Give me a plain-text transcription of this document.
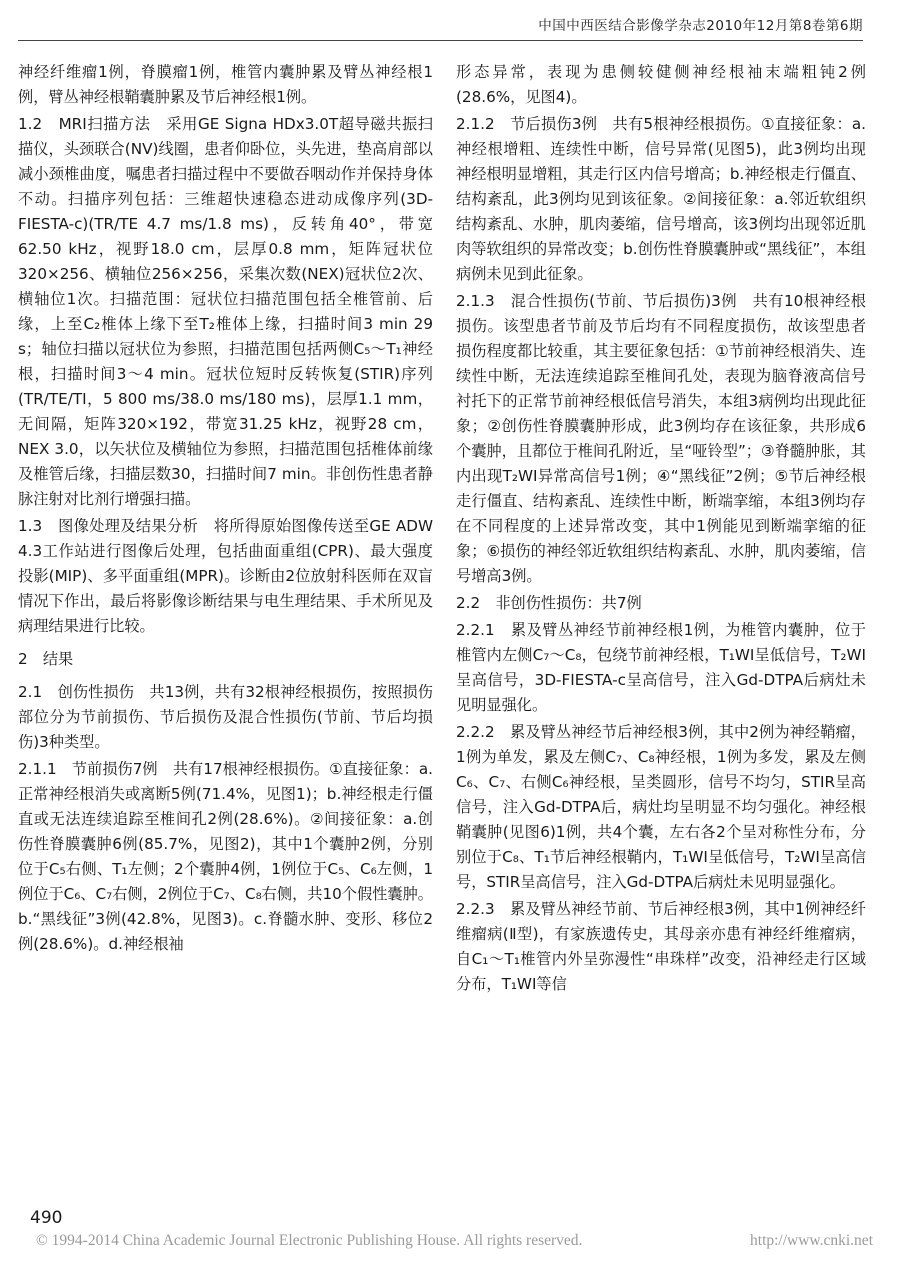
中国中西医结合影像学杂志2010年12月第8卷第6期

神经纤维瘤1例，脊膜瘤1例，椎管内囊肿累及臂丛神经根1例，臂丛神经根鞘囊肿累及节后神经根1例。

1.2　MRI扫描方法　采用GE Signa HDx3.0T超导磁共振扫描仪，头颈联合(NV)线圈，患者仰卧位，头先进，垫高肩部以减小颈椎曲度，嘱患者扫描过程中不要做吞咽动作并保持身体不动。扫描序列包括：三维超快速稳态进动成像序列(3D-FIESTA-c)(TR/TE 4.7 ms/1.8 ms)，反转角40°，带宽62.50 kHz，视野18.0 cm，层厚0.8 mm，矩阵冠状位320×256、横轴位256×256，采集次数(NEX)冠状位2次、横轴位1次。扫描范围：冠状位扫描范围包括全椎管前、后缘，上至C₂椎体上缘下至T₂椎体上缘，扫描时间3 min 29 s；轴位扫描以冠状位为参照，扫描范围包括两侧C₅～T₁神经根，扫描时间3～4 min。冠状位短时反转恢复(STIR)序列(TR/TE/TI，5 800 ms/38.0 ms/180 ms)，层厚1.1 mm，无间隔，矩阵320×192，带宽31.25 kHz，视野28 cm，NEX 3.0，以矢状位及横轴位为参照，扫描范围包括椎体前缘及椎管后缘，扫描层数30，扫描时间7 min。非创伤性患者静脉注射对比剂行增强扫描。

1.3　图像处理及结果分析　将所得原始图像传送至GE ADW 4.3工作站进行图像后处理，包括曲面重组(CPR)、最大强度投影(MIP)、多平面重组(MPR)。诊断由2位放射科医师在双盲情况下作出，最后将影像诊断结果与电生理结果、手术所见及病理结果进行比较。

2　结果

2.1　创伤性损伤　共13例，共有32根神经根损伤，按照损伤部位分为节前损伤、节后损伤及混合性损伤(节前、节后均损伤)3种类型。

2.1.1　节前损伤7例　共有17根神经根损伤。①直接征象：a.正常神经根消失或离断5例(71.4%，见图1)；b.神经根走行僵直或无法连续追踪至椎间孔2例(28.6%)。②间接征象：a.创伤性脊膜囊肿6例(85.7%，见图2)，其中1个囊肿2例，分别位于C₅右侧、T₁左侧；2个囊肿4例，1例位于C₅、C₆左侧，1例位于C₆、C₇右侧，2例位于C₇、C₈右侧，共10个假性囊肿。b.“黑线征”3例(42.8%，见图3)。c.脊髓水肿、变形、移位2例(28.6%)。d.神经根袖

形态异常，表现为患侧较健侧神经根袖末端粗钝2例(28.6%，见图4)。

2.1.2　节后损伤3例　共有5根神经根损伤。①直接征象：a.神经根增粗、连续性中断，信号异常(见图5)，此3例均出现神经根明显增粗，其走行区内信号增高；b.神经根走行僵直、结构紊乱，此3例均见到该征象。②间接征象：a.邻近软组织结构紊乱、水肿，肌肉萎缩，信号增高，该3例均出现邻近肌肉等软组织的异常改变；b.创伤性脊膜囊肿或“黑线征”，本组病例未见到此征象。

2.1.3　混合性损伤(节前、节后损伤)3例　共有10根神经根损伤。该型患者节前及节后均有不同程度损伤，故该型患者损伤程度都比较重，其主要征象包括：①节前神经根消失、连续性中断，无法连续追踪至椎间孔处，表现为脑脊液高信号衬托下的正常节前神经根低信号消失，本组3病例均出现此征象；②创伤性脊膜囊肿形成，此3例均存在该征象，共形成6个囊肿，且都位于椎间孔附近，呈“哑铃型”；③脊髓肿胀，其内出现T₂WI异常高信号1例；④“黑线征”2例；⑤节后神经根走行僵直、结构紊乱、连续性中断，断端挛缩，本组3例均存在不同程度的上述异常改变，其中1例能见到断端挛缩的征象；⑥损伤的神经邻近软组织结构紊乱、水肿，肌肉萎缩，信号增高3例。

2.2　非创伤性损伤：共7例

2.2.1　累及臂丛神经节前神经根1例，为椎管内囊肿，位于椎管内左侧C₇～C₈，包绕节前神经根，T₁WI呈低信号，T₂WI呈高信号，3D-FIESTA-c呈高信号，注入Gd-DTPA后病灶未见明显强化。

2.2.2　累及臂丛神经节后神经根3例，其中2例为神经鞘瘤，1例为单发，累及左侧C₇、C₈神经根，1例为多发，累及左侧C₆、C₇、右侧C₆神经根，呈类圆形，信号不均匀，STIR呈高信号，注入Gd-DTPA后，病灶均呈明显不均匀强化。神经根鞘囊肿(见图6)1例，共4个囊，左右各2个呈对称性分布，分别位于C₈、T₁节后神经根鞘内，T₁WI呈低信号，T₂WI呈高信号，STIR呈高信号，注入Gd-DTPA后病灶未见明显强化。

2.2.3　累及臂丛神经节前、节后神经根3例，其中1例神经纤维瘤病(Ⅱ型)，有家族遗传史，其母亲亦患有神经纤维瘤病，自C₁～T₁椎管内外呈弥漫性“串珠样”改变，沿神经走行区域分布，T₁WI等信

490
© 1994-2014 China Academic Journal Electronic Publishing House. All rights reserved.	http://www.cnki.net
